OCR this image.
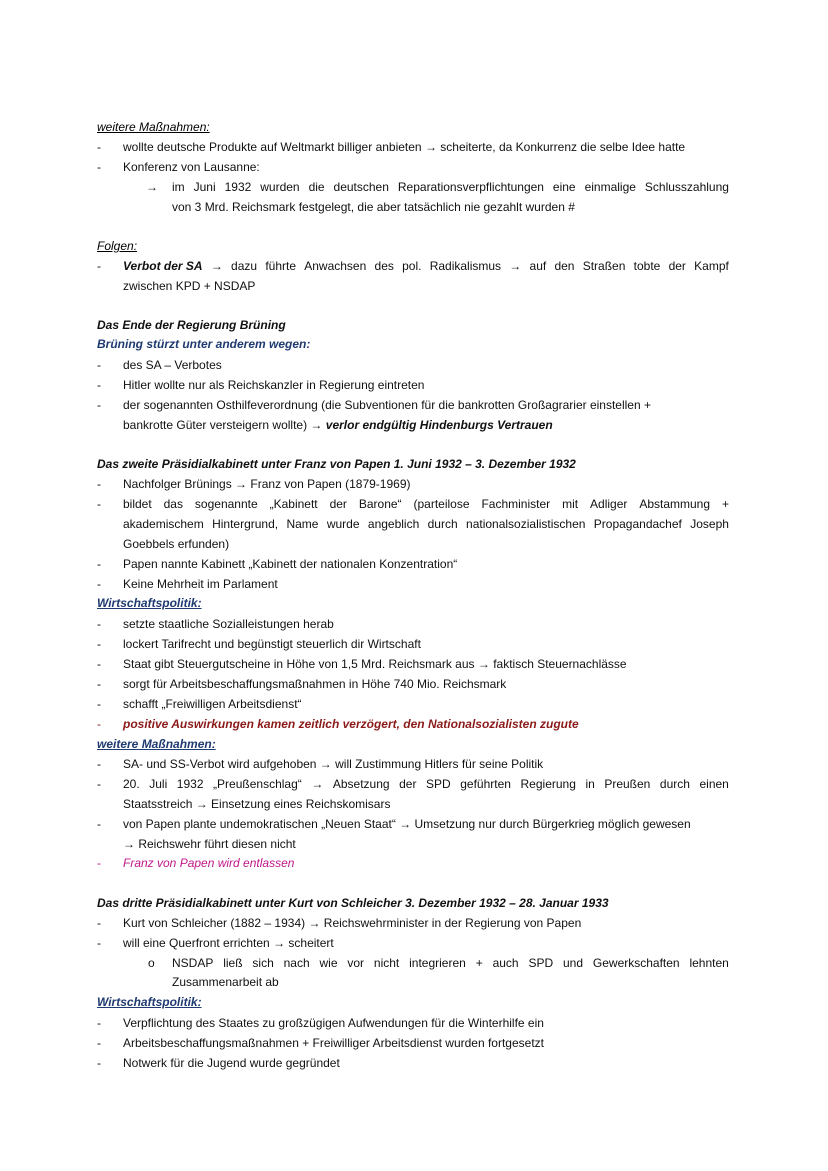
weitere Maßnahmen:
- wollte deutsche Produkte auf Weltmarkt billiger anbieten → scheiterte, da Konkurrenz die selbe Idee hatte
- Konferenz von Lausanne:
→ im Juni 1932 wurden die deutschen Reparationsverpflichtungen eine einmalige Schlusszahlung
von 3 Mrd. Reichsmark festgelegt, die aber tatsächlich nie gezahlt wurden #
Folgen:
- Verbot der SA → dazu führte Anwachsen des pol. Radikalismus → auf den Straßen tobte der Kampf
zwischen KPD + NSDAP
Das Ende der Regierung Brüning
Brüning stürzt unter anderem wegen:
- des SA – Verbotes
- Hitler wollte nur als Reichskanzler in Regierung eintreten
- der sogenannten Osthilfeverordnung (die Subventionen für die bankrotten Großagrarier einstellen +
bankrotte Güter versteigern wollte) → verlor endgültig Hindenburgs Vertrauen
Das zweite Präsidialkabinett unter Franz von Papen 1. Juni 1932 – 3. Dezember 1932
- Nachfolger Brünings → Franz von Papen (1879-1969)
- bildet das sogenannte „Kabinett der Barone“ (parteilose Fachminister mit Adliger Abstammung +
akademischem Hintergrund, Name wurde angeblich durch nationalsozialistischen Propagandachef Joseph
Goebbels erfunden)
- Papen nannte Kabinett „Kabinett der nationalen Konzentration“
- Keine Mehrheit im Parlament
Wirtschaftspolitik:
- setzte staatliche Sozialleistungen herab
- lockert Tarifrecht und begünstigt steuerlich dir Wirtschaft
- Staat gibt Steuergutscheine in Höhe von 1,5 Mrd. Reichsmark aus → faktisch Steuernachlässe
- sorgt für Arbeitsbeschaffungsmaßnahmen in Höhe 740 Mio. Reichsmark
- schafft „Freiwilligen Arbeitsdienst“
- positive Auswirkungen kamen zeitlich verzögert, den Nationalsozialisten zugute
weitere Maßnahmen:
- SA- und SS-Verbot wird aufgehoben → will Zustimmung Hitlers für seine Politik
- 20. Juli 1932 „Preußenschlag“ → Absetzung der SPD geführten Regierung in Preußen durch einen
Staatsstreich → Einsetzung eines Reichskomisars
- von Papen plante undemokratischen „Neuen Staat“ → Umsetzung nur durch Bürgerkrieg möglich gewesen
→ Reichswehr führt diesen nicht
- Franz von Papen wird entlassen
Das dritte Präsidialkabinett unter Kurt von Schleicher 3. Dezember 1932 – 28. Januar 1933
- Kurt von Schleicher (1882 – 1934) → Reichswehrminister in der Regierung von Papen
- will eine Querfront errichten → scheitert
o NSDAP ließ sich nach wie vor nicht integrieren + auch SPD und Gewerkschaften lehnten
Zusammenarbeit ab
Wirtschaftspolitik:
- Verpflichtung des Staates zu großzügigen Aufwendungen für die Winterhilfe ein
- Arbeitsbeschaffungsmaßnahmen + Freiwilliger Arbeitsdienst wurden fortgesetzt
- Notwerk für die Jugend wurde gegründet
